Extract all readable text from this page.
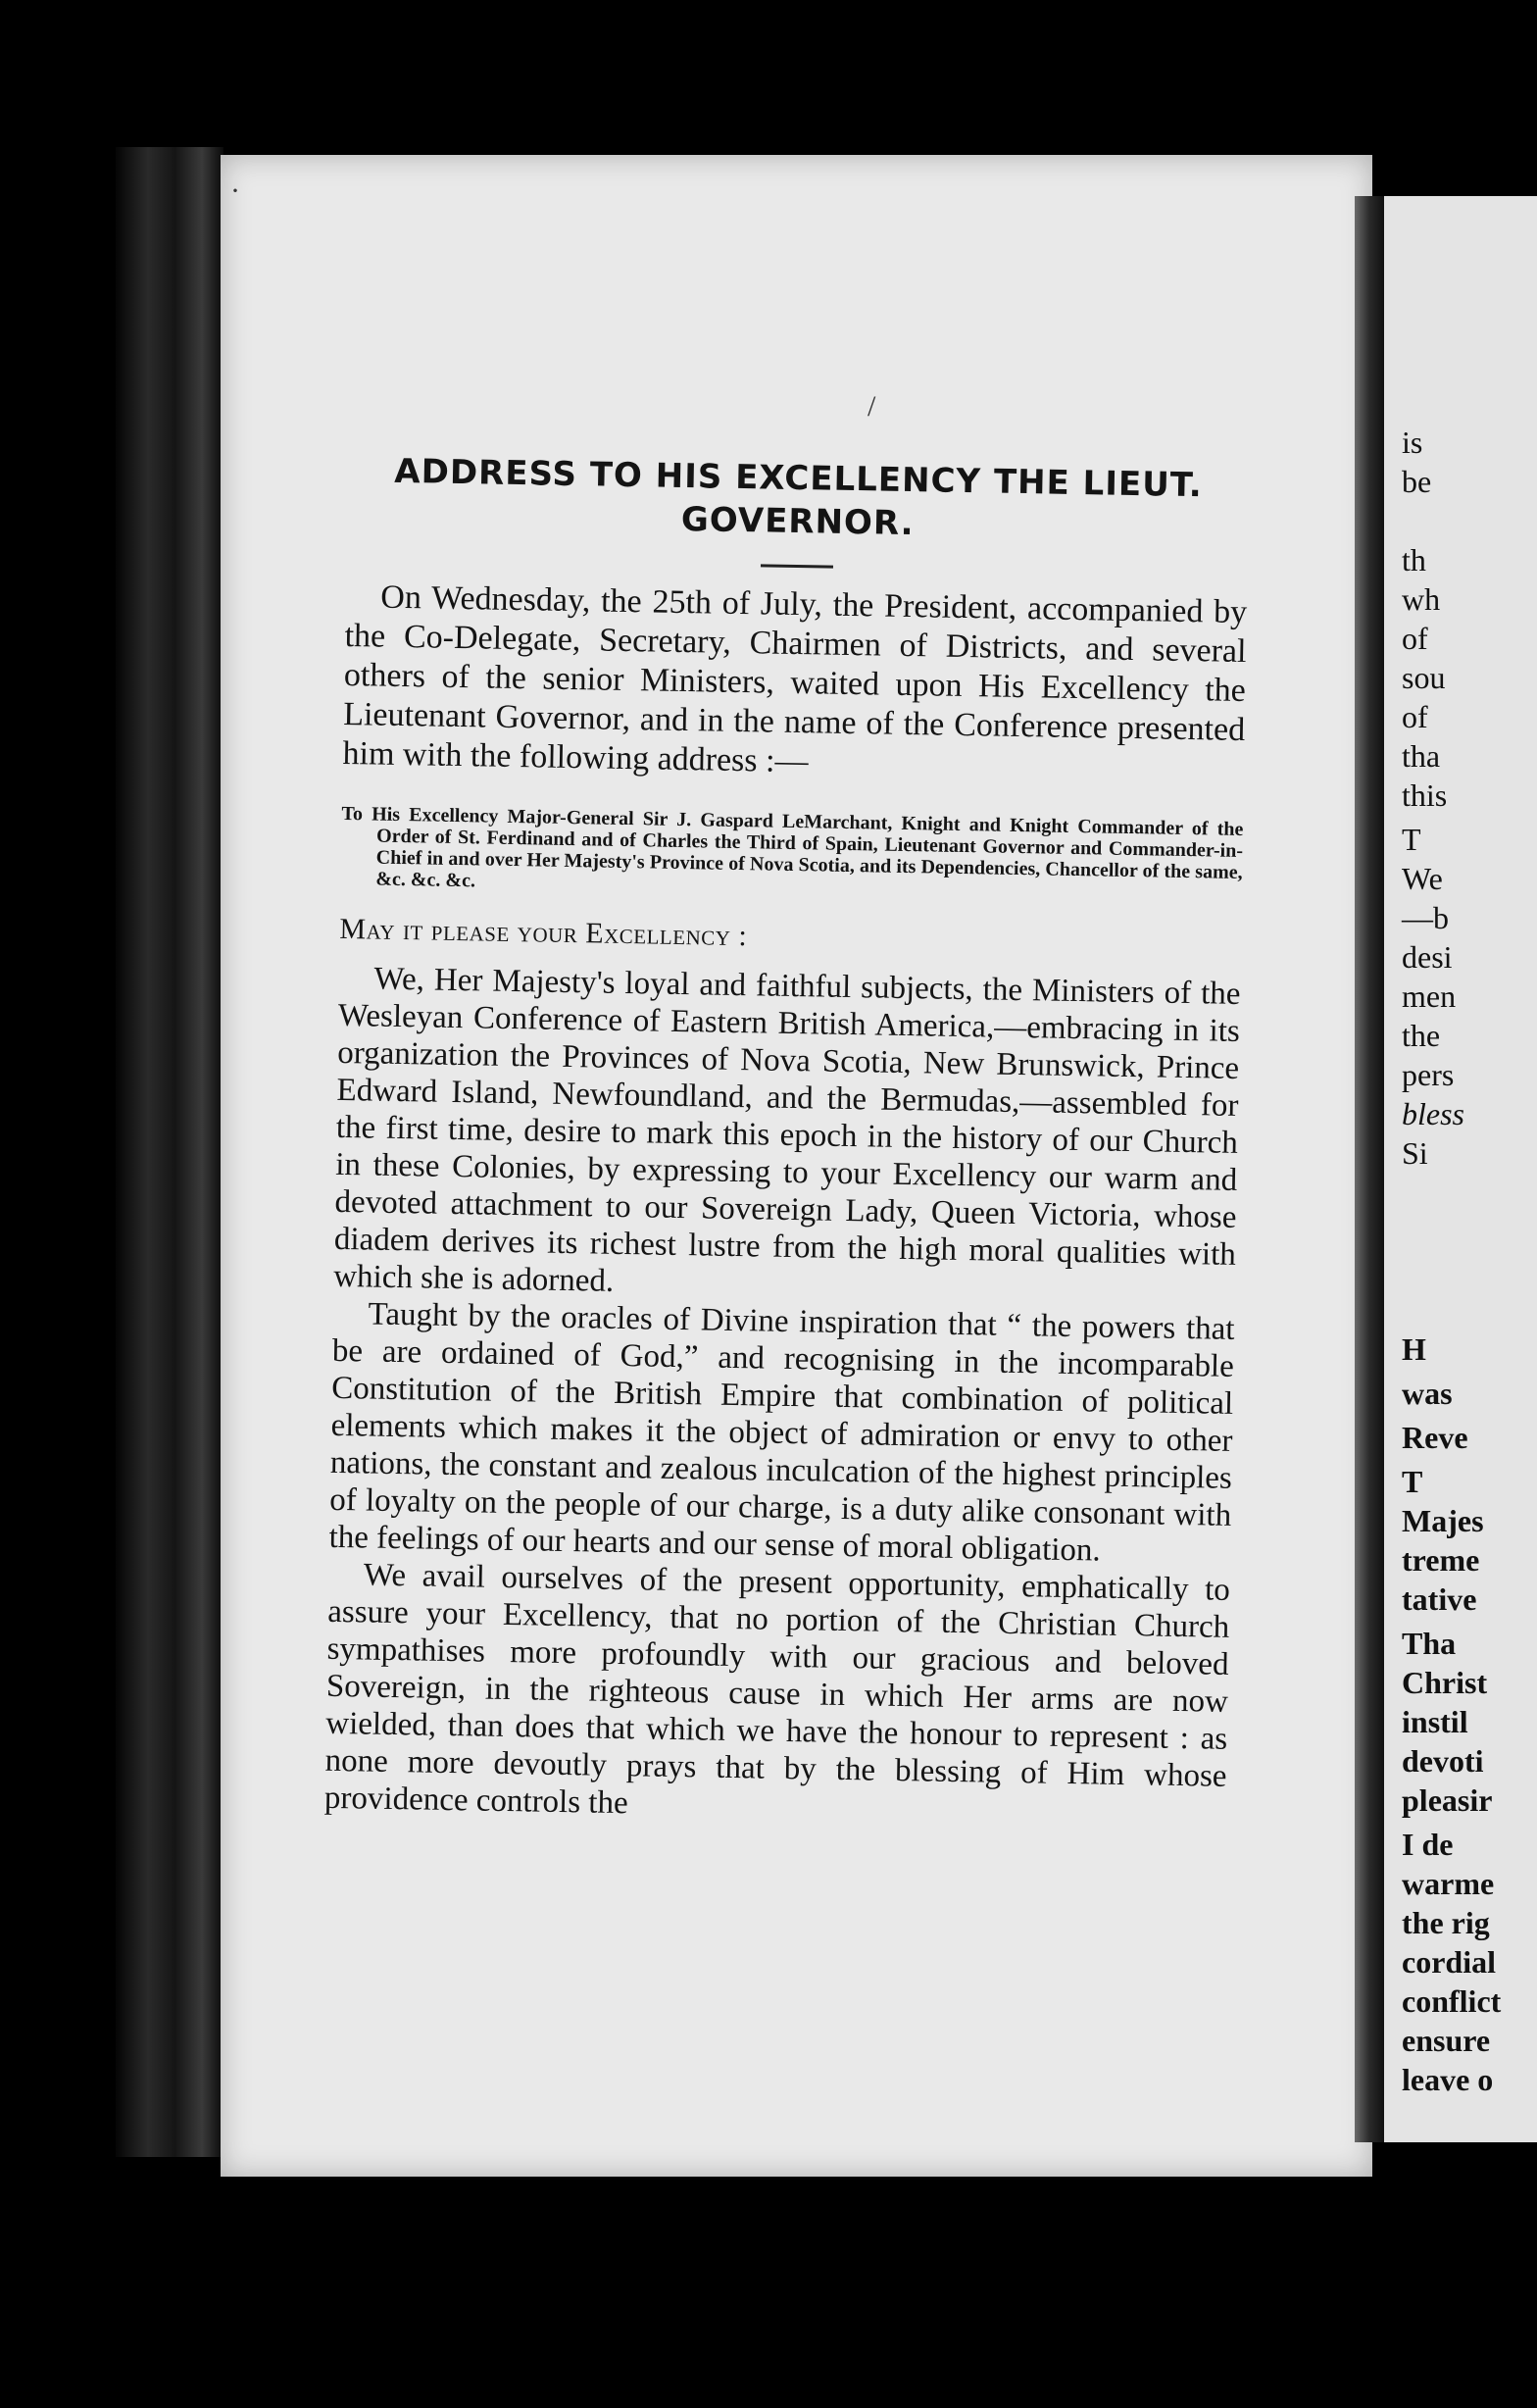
·
/
ADDRESS TO HIS EXCELLENCY THE LIEUT. GOVERNOR.

On Wednesday, the 25th of July, the President, accompanied by the Co-Delegate, Secretary, Chairmen of Districts, and several others of the senior Ministers, waited upon His Excellency the Lieutenant Governor, and in the name of the Conference presented him with the following address :—

To His Excellency Major-General Sir J. Gaspard LeMarchant, Knight and Knight Commander of the Order of St. Ferdinand and of Charles the Third of Spain, Lieutenant Governor and Commander-in-Chief in and over Her Majesty's Province of Nova Scotia, and its Dependencies, Chancellor of the same, &c. &c. &c.

May it please your Excellency :

We, Her Majesty's loyal and faithful subjects, the Ministers of the Wesleyan Conference of Eastern British America,—embracing in its organization the Provinces of Nova Scotia, New Brunswick, Prince Edward Island, Newfoundland, and the Bermudas,—assembled for the first time, desire to mark this epoch in the history of our Church in these Colonies, by expressing to your Excellency our warm and devoted attachment to our Sovereign Lady, Queen Victoria, whose diadem derives its richest lustre from the high moral qualities with which she is adorned.

Taught by the oracles of Divine inspiration that “ the powers that be are ordained of God,” and recognising in the incomparable Constitution of the British Empire that combination of political elements which makes it the object of admiration or envy to other nations, the constant and zealous inculcation of the highest principles of loyalty on the people of our charge, is a duty alike consonant with the feelings of our hearts and our sense of moral obligation.

We avail ourselves of the present opportunity, emphatically to assure your Excellency, that no portion of the Christian Church sympathises more profoundly with our gracious and beloved Sovereign, in the righteous cause in which Her arms are now wielded, than does that which we have the honour to represent : as none more devoutly prays that by the blessing of Him whose providence controls the

is
be
th
wh
of
sou
of
tha
this
T
We
—b
desi
men
the
pers
bless
Si
H
was
Reve
T
Majes
treme
tative
Tha
Christ
instil
devoti
pleasir
I de
warme
the rig
cordial
conflict
ensure
leave o
